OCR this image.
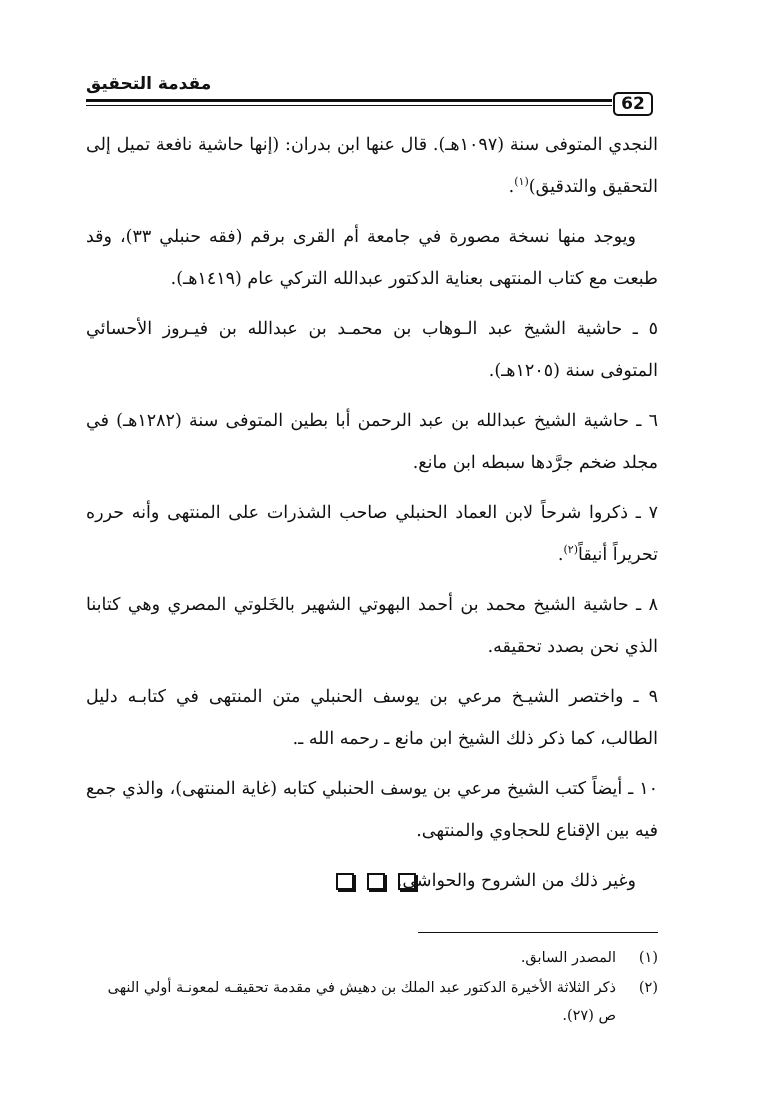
مقدمة التحقيق
62

النجدي المتوفى سنة (١٠٩٧هـ). قال عنها ابن بدران: (إنها حاشية نافعة تميل إلى التحقيق والتدقيق)$^{(١)}$.

ويوجد منها نسخة مصورة في جامعة أم القرى برقم (فقه حنبلي ٣٣)، وقد طبعت مع كتاب المنتهى بعناية الدكتور عبدالله التركي عام (١٤١٩هـ).

٥ ـ حاشية الشيخ عبد الـوهاب بن محمـد بن عبدالله بن فيـروز الأحسائي المتوفى سنة (١٢٠٥هـ).

٦ ـ حاشية الشيخ عبدالله بن عبد الرحمن أبا بطين المتوفى سنة (١٢٨٢هـ) في مجلد ضخم جرَّدها سبطه ابن مانع.

٧ ـ ذكروا شرحاً لابن العماد الحنبلي صاحب الشذرات على المنتهى وأنه حرره تحريراً أنيقاً$^{(٢)}$.

٨ ـ حاشية الشيخ محمد بن أحمد البهوتي الشهير بالخَلوتي المصري وهي كتابنا الذي نحن بصدد تحقيقه.

٩ ـ واختصر الشيـخ مرعي بن يوسف الحنبلي متن المنتهى في كتابـه دليل الطالب، كما ذكر ذلك الشيخ ابن مانع ـ رحمه الله ـ.

١٠ ـ أيضاً كتب الشيخ مرعي بن يوسف الحنبلي كتابه (غاية المنتهى)، والذي جمع فيه بين الإقناع للحجاوي والمنتهى.

وغير ذلك من الشروح والحواشي.

(١)المصدر السابق.

(٢)ذكر الثلاثة الأخيرة الدكتور عبد الملك بن دهيش في مقدمة تحقيقـه لمعونـة أولي النهى ص (٢٧).
